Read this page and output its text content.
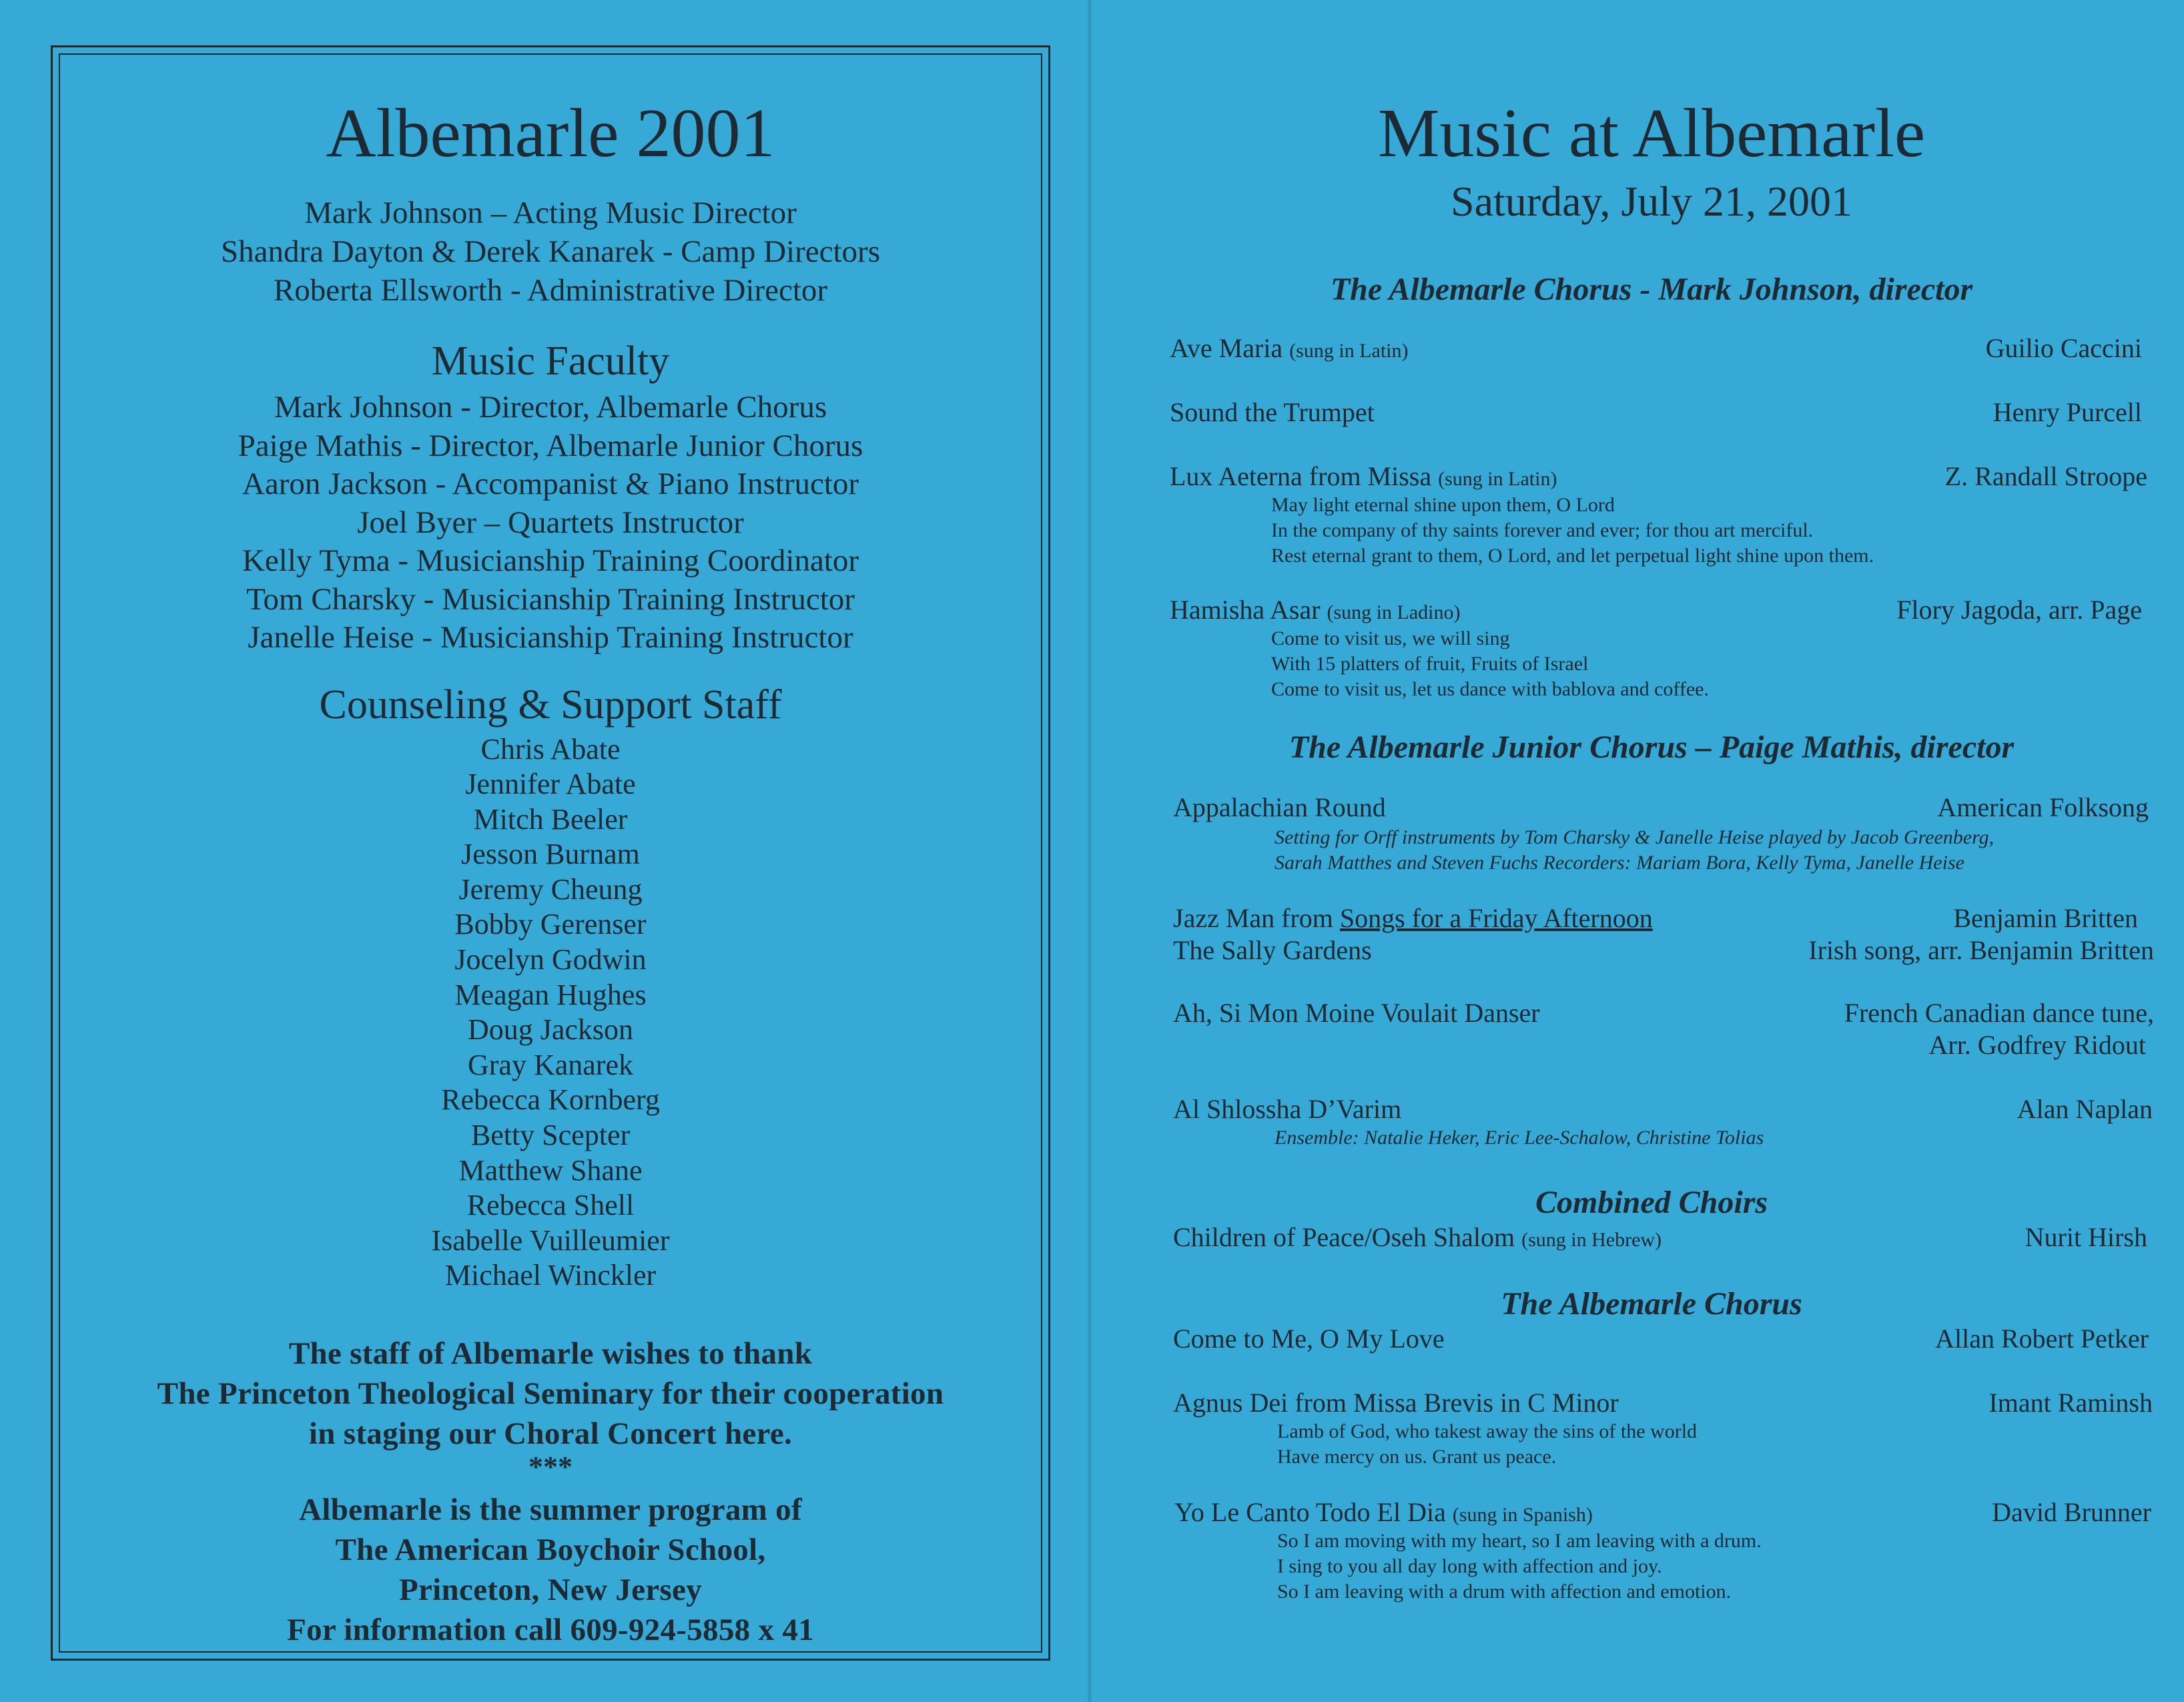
Albemarle 2001
Mark Johnson – Acting Music Director
Shandra Dayton & Derek Kanarek - Camp Directors
Roberta Ellsworth - Administrative Director
Music Faculty
Mark Johnson - Director, Albemarle Chorus
Paige Mathis - Director, Albemarle Junior Chorus
Aaron Jackson - Accompanist & Piano Instructor
Joel Byer – Quartets Instructor
Kelly Tyma - Musicianship Training Coordinator
Tom Charsky - Musicianship Training Instructor
Janelle Heise - Musicianship Training Instructor
Counseling & Support Staff
Chris Abate
Jennifer Abate
Mitch Beeler
Jesson Burnam
Jeremy Cheung
Bobby Gerenser
Jocelyn Godwin
Meagan Hughes
Doug Jackson
Gray Kanarek
Rebecca Kornberg
Betty Scepter
Matthew Shane
Rebecca Shell
Isabelle Vuilleumier
Michael Winckler
The staff of Albemarle wishes to thank
The Princeton Theological Seminary for their cooperation
in staging our Choral Concert here.
***
Albemarle is the summer program of
The American Boychoir School,
Princeton, New Jersey
For information call 609-924-5858 x 41
Music at Albemarle
Saturday, July 21, 2001
The Albemarle Chorus - Mark Johnson, director
Ave Maria (sung in Latin)	Guilio Caccini
Sound the Trumpet	Henry Purcell
Lux Aeterna from Missa (sung in Latin)	Z. Randall Stroope
May light eternal shine upon them, O Lord
In the company of thy saints forever and ever; for thou art merciful.
Rest eternal grant to them, O Lord, and let perpetual light shine upon them.
Hamisha Asar (sung in Ladino)	Flory Jagoda, arr. Page
Come to visit us, we will sing
With 15 platters of fruit, Fruits of Israel
Come to visit us, let us dance with bablova and coffee.
The Albemarle Junior Chorus – Paige Mathis, director
Appalachian Round	American Folksong
Setting for Orff instruments by Tom Charsky & Janelle Heise played by Jacob Greenberg,
Sarah Matthes and Steven Fuchs Recorders: Mariam Bora, Kelly Tyma, Janelle Heise
Jazz Man from Songs for a Friday Afternoon	Benjamin Britten
The Sally Gardens	Irish song, arr. Benjamin Britten
Ah, Si Mon Moine Voulait Danser	French Canadian dance tune,
Arr. Godfrey Ridout
Al Shlossha D’Varim	Alan Naplan
Ensemble: Natalie Heker, Eric Lee-Schalow, Christine Tolias
Combined Choirs
Children of Peace/Oseh Shalom (sung in Hebrew)	Nurit Hirsh
The Albemarle Chorus
Come to Me, O My Love	Allan Robert Petker
Agnus Dei from Missa Brevis in C Minor	Imant Raminsh
Lamb of God, who takest away the sins of the world
Have mercy on us. Grant us peace.
Yo Le Canto Todo El Dia (sung in Spanish)	David Brunner
So I am moving with my heart, so I am leaving with a drum.
I sing to you all day long with affection and joy.
So I am leaving with a drum with affection and emotion.
